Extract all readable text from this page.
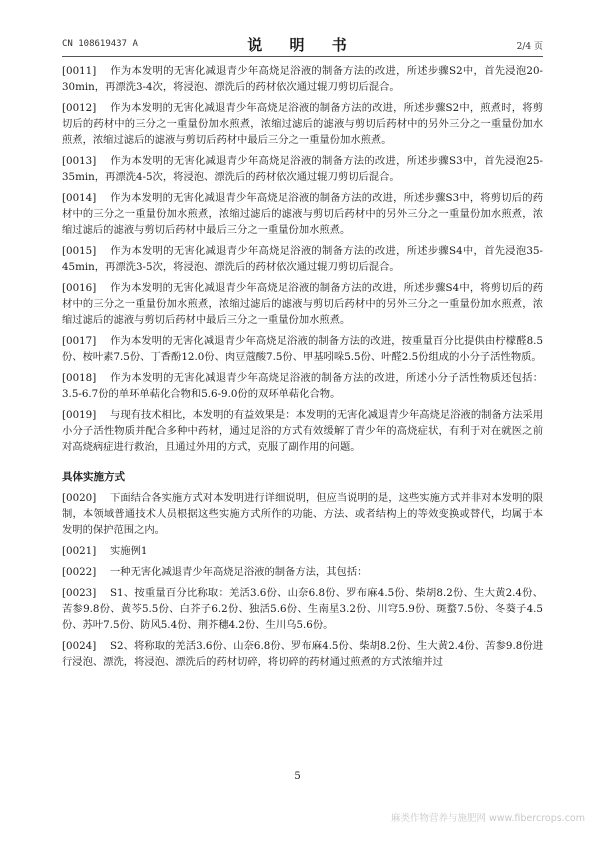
CN 108619437 A	说 明 书	2/4 页
[0011] 作为本发明的无害化减退青少年高烧足浴液的制备方法的改进，所述步骤S2中，首先浸泡20-30min，再漂洗3-4次，将浸泡、漂洗后的药材依次通过辊刀剪切后混合。
[0012] 作为本发明的无害化减退青少年高烧足浴液的制备方法的改进，所述步骤S2中，煎煮时，将剪切后的药材中的三分之一重量份加水煎煮，浓缩过滤后的滤液与剪切后药材中的另外三分之一重量份加水煎煮，浓缩过滤后的滤液与剪切后药材中最后三分之一重量份加水煎煮。
[0013] 作为本发明的无害化减退青少年高烧足浴液的制备方法的改进，所述步骤S3中，首先浸泡25-35min，再漂洗4-5次，将浸泡、漂洗后的药材依次通过辊刀剪切后混合。
[0014] 作为本发明的无害化减退青少年高烧足浴液的制备方法的改进，所述步骤S3中，将剪切后的药材中的三分之一重量份加水煎煮，浓缩过滤后的滤液与剪切后药材中的另外三分之一重量份加水煎煮，浓缩过滤后的滤液与剪切后药材中最后三分之一重量份加水煎煮。
[0015] 作为本发明的无害化减退青少年高烧足浴液的制备方法的改进，所述步骤S4中，首先浸泡35-45min，再漂洗3-5次，将浸泡、漂洗后的药材依次通过辊刀剪切后混合。
[0016] 作为本发明的无害化减退青少年高烧足浴液的制备方法的改进，所述步骤S4中，将剪切后的药材中的三分之一重量份加水煎煮，浓缩过滤后的滤液与剪切后药材中的另外三分之一重量份加水煎煮，浓缩过滤后的滤液与剪切后药材中最后三分之一重量份加水煎煮。
[0017] 作为本发明的无害化减退青少年高烧足浴液的制备方法的改进，按重量百分比提供由柠檬醛8.5份、桉叶素7.5份、丁香酚12.0份、肉豆蔻酸7.5份、甲基吲哚5.5份、叶醛2.5份组成的小分子活性物质。
[0018] 作为本发明的无害化减退青少年高烧足浴液的制备方法的改进，所述小分子活性物质还包括：3.5-6.7份的单环单萜化合物和5.6-9.0份的双环单萜化合物。
[0019] 与现有技术相比，本发明的有益效果是：本发明的无害化减退青少年高烧足浴液的制备方法采用小分子活性物质并配合多种中药材，通过足浴的方式有效缓解了青少年的高烧症状，有利于对在就医之前对高烧病症进行救治，且通过外用的方式，克服了副作用的问题。
具体实施方式
[0020] 下面结合各实施方式对本发明进行详细说明，但应当说明的是，这些实施方式并非对本发明的限制，本领域普通技术人员根据这些实施方式所作的功能、方法、或者结构上的等效变换或替代，均属于本发明的保护范围之内。
[0021] 实施例1
[0022] 一种无害化减退青少年高烧足浴液的制备方法，其包括：
[0023] S1、按重量百分比称取：羌活3.6份、山奈6.8份、罗布麻4.5份、柴胡8.2份、生大黄2.4份、苦参9.8份、黄芩5.5份、白芥子6.2份、独活5.6份、生南星3.2份、川穹5.9份、斑蝥7.5份、冬葵子4.5份、苏叶7.5份、防风5.4份、荆芥穗4.2份、生川乌5.6份。
[0024] S2、将称取的羌活3.6份、山奈6.8份、罗布麻4.5份、柴胡8.2份、生大黄2.4份、苦参9.8份进行浸泡、漂洗，将浸泡、漂洗后的药材切碎，将切碎的药材通过煎煮的方式浓缩并过
5
麻类作物营养与施肥网 www.fibercrops.com
